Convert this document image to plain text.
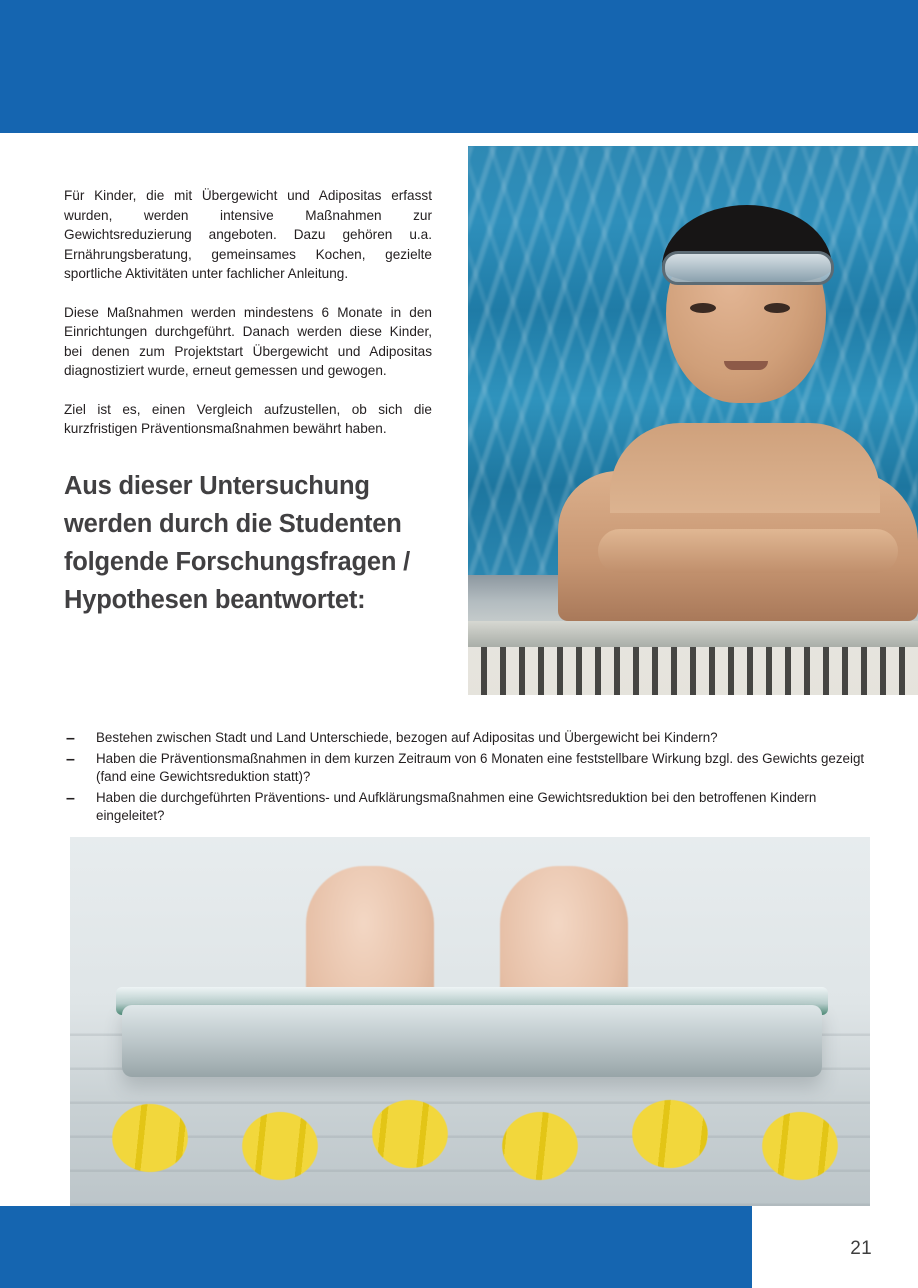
Für Kinder, die mit Übergewicht und Adipositas erfasst wurden, werden intensive Maßnahmen zur Gewichtsreduzierung angeboten. Dazu gehören u.a. Ernährungsberatung, gemeinsames Kochen, gezielte sportliche Aktivitäten unter fachlicher Anleitung.

Diese Maßnahmen werden mindestens 6 Monate in den Einrichtungen durchgeführt. Danach werden diese Kinder, bei denen zum Projektstart Übergewicht und Adipositas diagnostiziert wurde, erneut gemessen und gewogen.

Ziel ist es, einen Vergleich aufzustellen, ob sich die kurzfristigen Präventionsmaßnahmen bewährt haben.

Aus dieser Untersuchung werden durch die Studenten folgende Forschungsfragen / Hypothesen beantwortet:
– Bestehen zwischen Stadt und Land Unterschiede, bezogen auf Adipositas und Übergewicht bei Kindern?
– Haben die Präventionsmaßnahmen in dem kurzen Zeitraum von 6 Monaten eine feststellbare Wirkung bzgl. des Gewichts gezeigt (fand eine Gewichtsreduktion statt)?
– Haben die durchgeführten Präventions- und Aufklärungsmaßnahmen eine Gewichtsreduktion bei den betroffenen Kindern eingeleitet?
21
